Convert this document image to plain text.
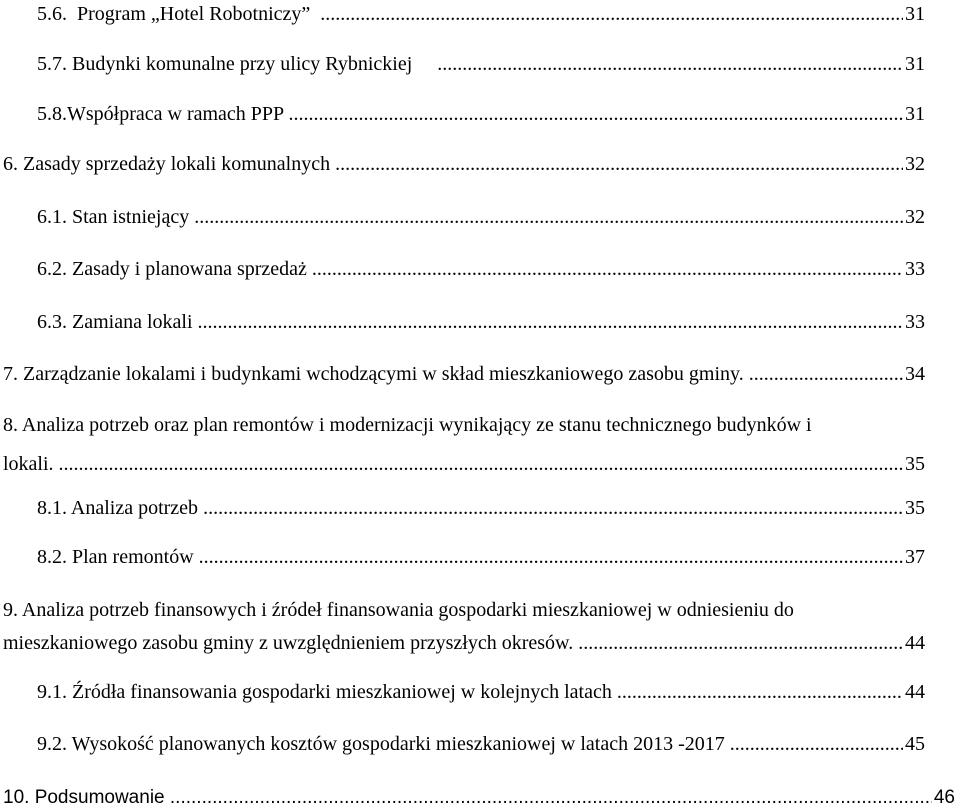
5.6.  Program „Hotel Robotniczy” .....	31
5.7. Budynki komunalne przy ulicy Rybnickiej .....	31
5.8.Współpraca w ramach PPP .....	31
6. Zasady sprzedaży lokali komunalnych .....	32
6.1. Stan istniejący .....	32
6.2. Zasady i planowana sprzedaż .....	33
6.3. Zamiana lokali .....	33
7. Zarządzanie lokalami i budynkami wchodzącymi w skład mieszkaniowego zasobu gminy. .....	34
8. Analiza potrzeb oraz plan remontów i modernizacji wynikający ze stanu technicznego budynków i
lokali. .....	35
8.1. Analiza potrzeb .....	35
8.2. Plan remontów .....	37
9. Analiza potrzeb finansowych i źródeł finansowania gospodarki mieszkaniowej w odniesieniu do
mieszkaniowego zasobu gminy z uwzględnieniem przyszłych okresów. .....	44
9.1. Źródła finansowania gospodarki mieszkaniowej w kolejnych latach .....	44
9.2. Wysokość planowanych kosztów gospodarki mieszkaniowej w latach 2013 -2017 .....	45
10. Podsumowanie .....	46
